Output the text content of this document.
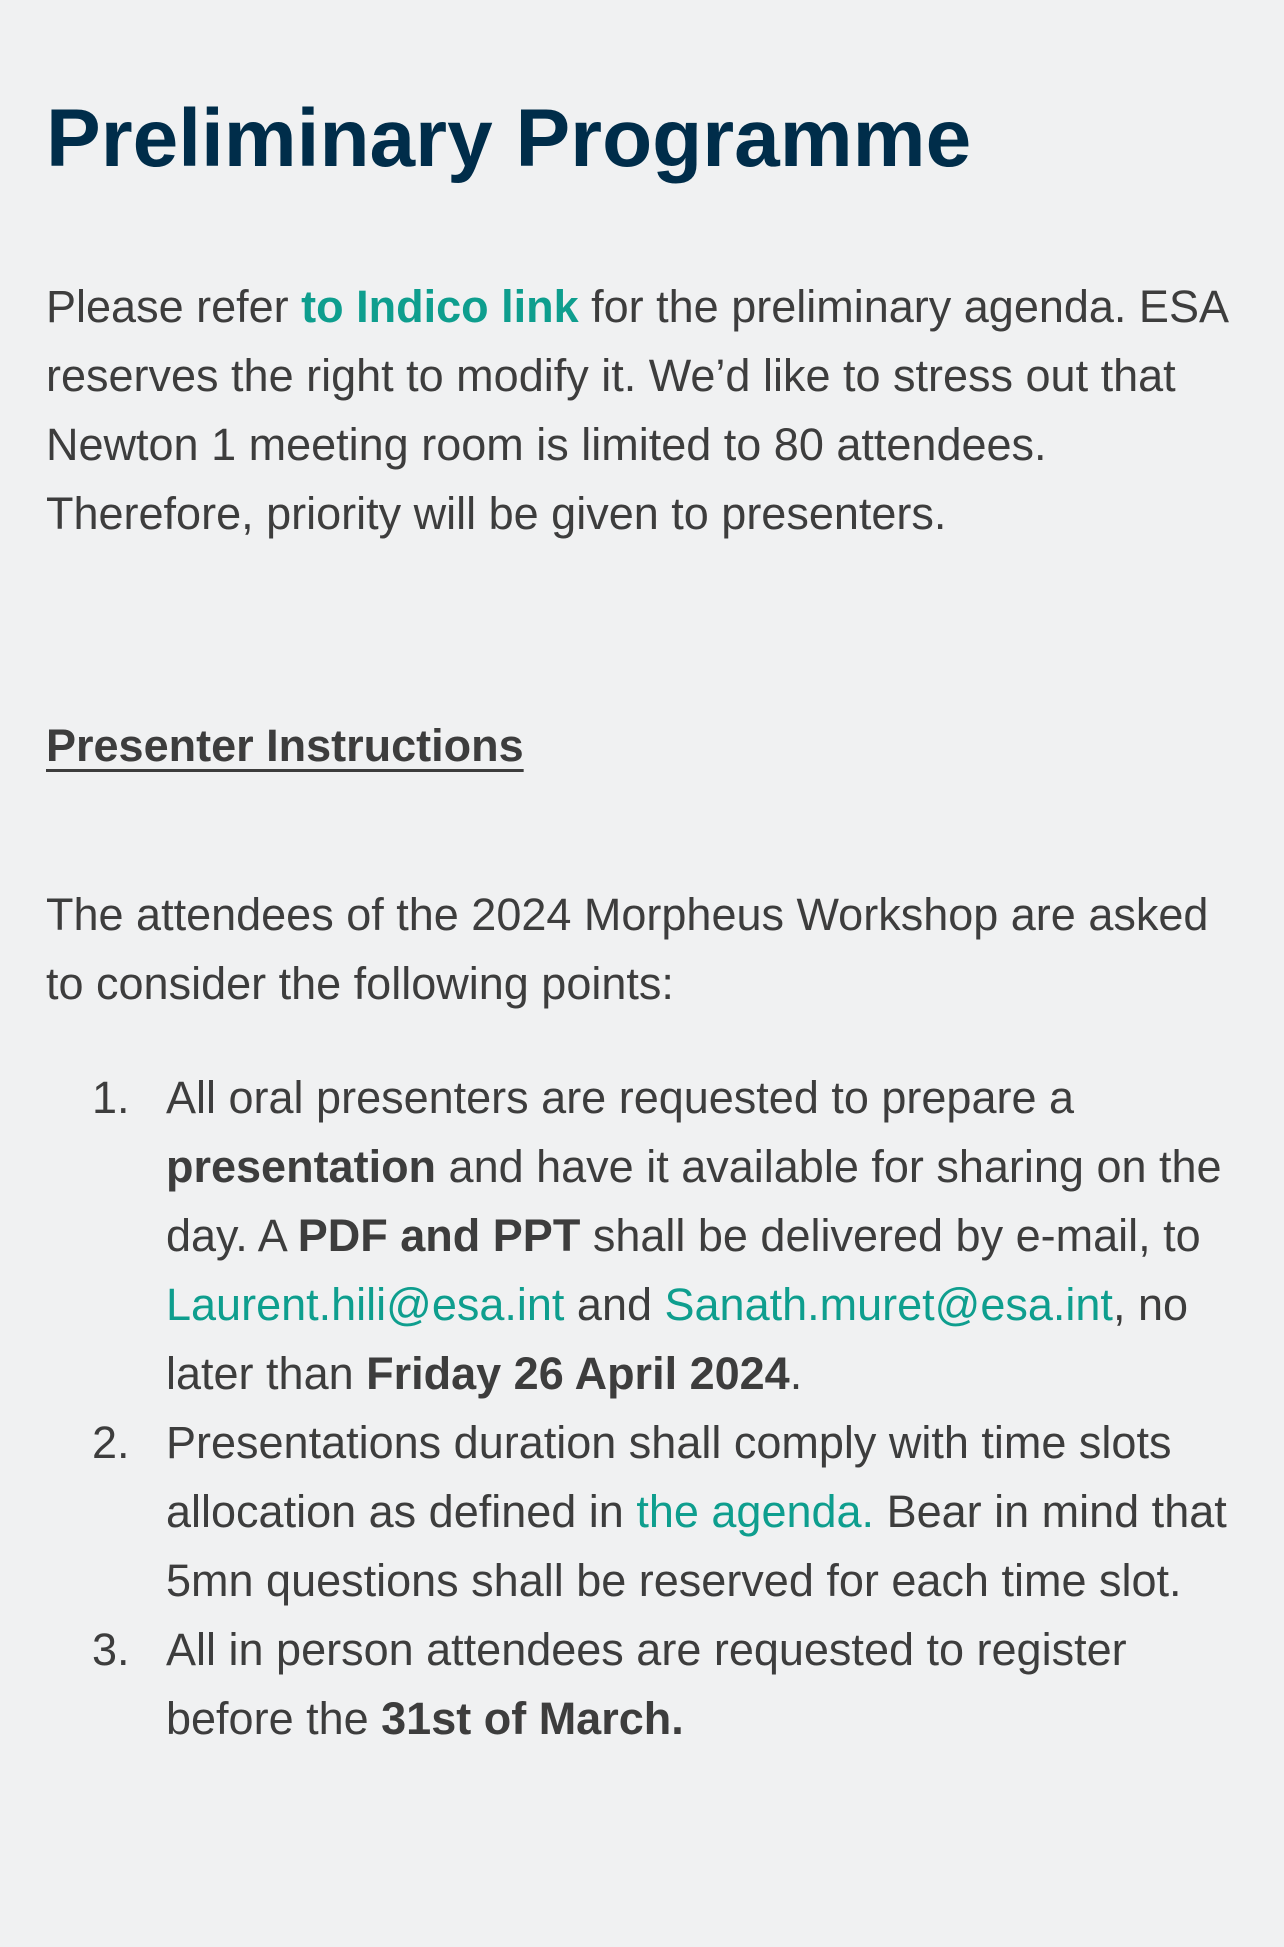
Preliminary Programme

Please refer to Indico link for the preliminary agenda. ESA reserves the right to modify it. We’d like to stress out that Newton 1 meeting room is limited to 80 attendees. Therefore, priority will be given to presenters.

Presenter Instructions

The attendees of the 2024 Morpheus Workshop are asked to consider the following points:

1. All oral presenters are requested to prepare a presentation and have it available for sharing on the day. A PDF and PPT shall be delivered by e-mail, to
Laurent.hili@esa.int and Sanath.muret@esa.int, no later than Friday 26 April 2024.
2. Presentations duration shall comply with time slots allocation as defined in the agenda. Bear in mind that 5mn questions shall be reserved for each time slot.
3. All in person attendees are requested to register before the 31st of March.
